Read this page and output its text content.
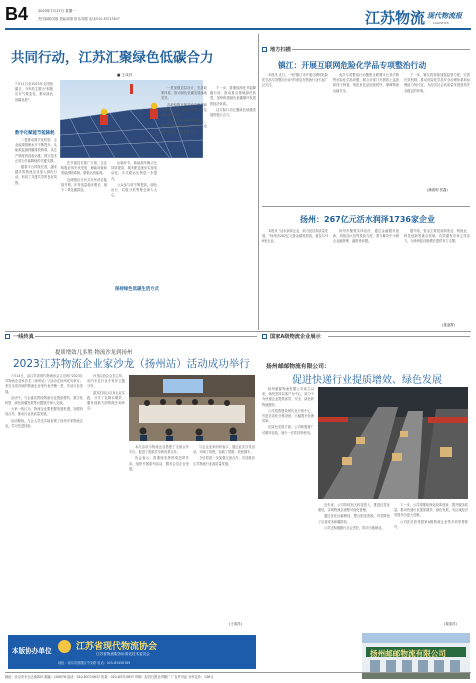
B4	2023年7月17日 星期一
责任编辑/刘德 美编/周德 校对/周德 电话/010-83715637	江苏物流 现代物流报
LOGISTICS
共同行动，江苏汇聚绿色低碳合力
■ 王成祥
7月11日至2023年全国低碳日，今年的主题为"积极应对气候变化，推动绿色低碳发展"。
数字化赋能节能降耗

二是推动数字化转型，企业能源管理水平不断提升。从能源监测到碳排放核算，从生产调度到设备运维，数字技术正成为节能降耗的关键支撑。

随着平台持续完善，越来越多的物流企业加入绿色行动，形成了共建共享的良好氛围。

在节能技术推广方面，企业积极应用光伏发电、储能设备和智能照明系统，降低运营能耗。

仓储园区分布式光伏项目陆续并网，年发电量稳步增长，减少二氧化碳排放。

运输环节，新能源车辆占比持续提高，城市配送逐步实现电动化，多式联运比例进一步提升。

公众参与度不断提高，绿色出行、垃圾分类等理念深入人心。

保持绿色低碳生活方式

一是加强顶层设计，完善政策体系，推动绿色低碳发展落地见效。

各地积极开展节能宣传周和低碳日活动，通过多种形式普及绿色发展理念。

\"绿色江苏\"APP上线以来，累计用户数持续增长，成为公众践行低碳生活的重要平台。

下一步，将继续深化节能降碳行动，推动重点领域绿色转型，加快构建绿色低碳循环发展的经济体系。

以实际行动汇聚绿色低碳发展的强大合力。

地方扫描
镇江：开展互联网危险化学品专项整治行动

本报讯 近日，一则"镇江市开展互联网危险化学品专项整治行动"的消息在物流行业引起广泛关注。

此次专项整治行动聚焦互联网平台非法销售危险化学品问题，联合多部门开展线上巡查和线下核查，规范危化品经营秩序，保障物流运输安全。

下一步，镇江将持续加强监管力度，完善长效机制，推动危险化学品安全治理体系和治理能力现代化，为经济社会高质量发展营造安全稳定的环境。

(满惠明 张露)
扬州：267亿元活水润泽1736家企业

本报讯 "活水润泽企业，助力经济高质量发展。"扬州市267亿元资金精准投放，惠及1736家企业。

扬州市聚焦实体经济，通过金融服务创新，持续加大信贷投放力度，着力解决中小微企业融资难、融资贵问题。

据介绍，资金主要投向制造业、物流业、科技创新等重点领域，有效激发市场主体活力，为扬州经济稳增长提供有力支撑。

(惠凌霄)
一线传真
提质增效几多胜 物流沙龙到扬州
2023江苏物流企业家沙龙（扬州站）活动成功举行

7月14日，由江苏省现代物流协会主办的\"2023江苏物流企业家沙龙（扬州站）\"活动在扬州成功举行。来自全省各地的物流企业家代表齐聚一堂，共话行业发展。

活动中，与会嘉宾围绕物流行业提质增效、数字化转型、绿色低碳发展等议题展开深入交流。

大家一致认为，物流企业要把握发展机遇，加强协同合作，推动行业高质量发展。

活动期间，与会人员还实地参观了扬州多家物流企业，学习先进经验。

沙龙由协会会长主持，省内多位行业专家作主题分享。

嘉宾们结合自身企业实践，分享了在降本增效、服务创新方面的做法和体会。

本次活动为物流企业搭建了交流合作平台，促进了资源共享和优势互补。

协会表示，将继续发挥桥梁纽带作用，组织开展系列活动，服务会员企业发展。

与会企业家纷纷表示，通过此次沙龙活动，开阔了视野，拓展了思路，收获颇丰。

今后将进一步加强交流合作，共同推动江苏物流行业高质量发展。

(王成祥)
国家A级物流企业展示
扬州邮邮物流有限公司：
促进快递行业提质增效、绿色发展

扬州邮邮物流有限公司成立以来，始终坚持以客户为中心，致力于为快递企业提供高效、安全、绿色的物流服务。

公司投资建设现代化分拣中心，引进自动化分拣设备，大幅提升处理效率。

在绿色发展方面，公司积极推广可循环包装，减少一次性材料使用。

近年来，公司持续加大科技投入，推进信息化建设，实现物流全流程可视化管理。

通过优化运输路线、整合配送资源，有效降低了运营成本和碳排放。

公司还积极履行社会责任，带动当地就业。

下一步，公司将继续深化改革创新，提升服务质量，推动快递行业提质增效、绿色发展，为区域经济发展作出更大贡献。

公司先后获得国家A级物流企业等多项荣誉称号。

扬州邮邮物流有限公司
(秦加祥)
本版协办单位	江苏省现代物流协会
江苏省物流服务标准化技术委员会
地址：南京市鼓楼区中央路 电话：025-83456789
地址：北京市丰台区南四环 邮编：100078 电话：010-83715637 传真：010-83715637 印刷：经济日报社印刷厂 广告许可证 全年定价：136元
